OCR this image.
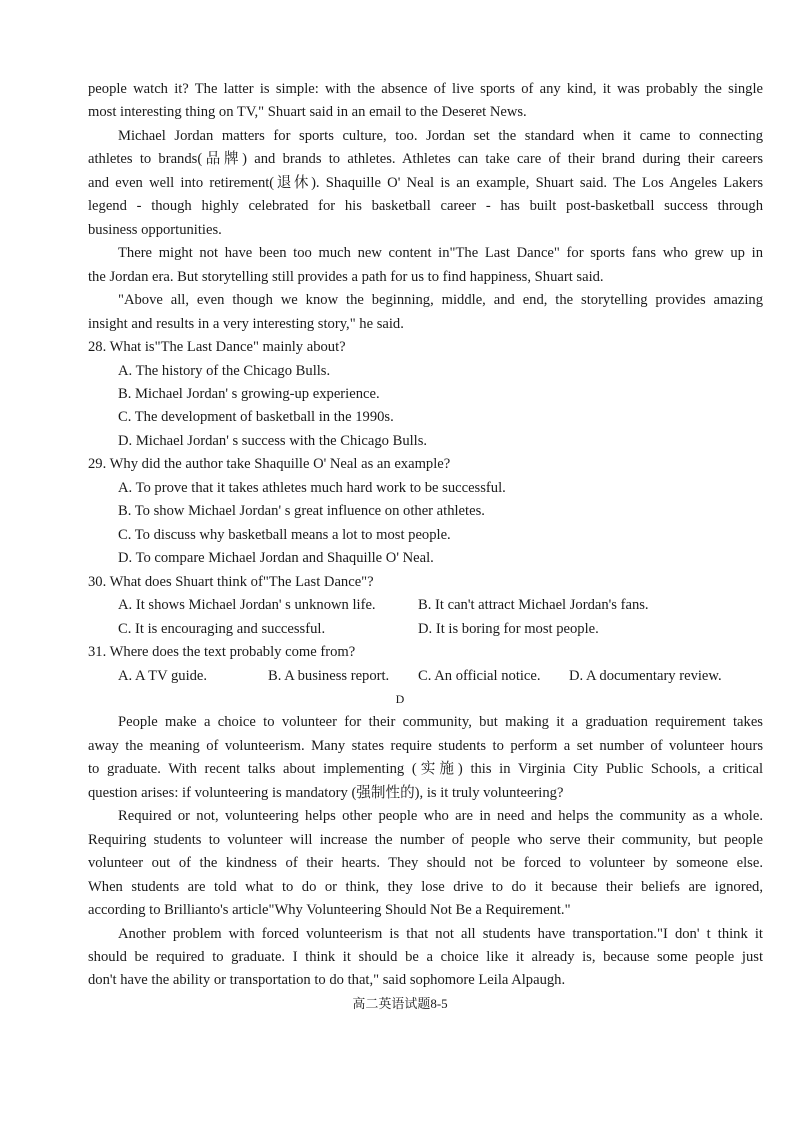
people watch it? The latter is simple: with the absence of live sports of any kind, it was probably the single
most interesting thing on TV," Shuart said in an email to the Deseret News.
Michael Jordan matters for sports culture, too. Jordan set the standard when it came to connecting
athletes to brands(品牌) and brands to athletes. Athletes can take care of their brand during their careers
and even well into retirement(退休). Shaquille O' Neal is an example, Shuart said. The Los Angeles Lakers
legend - though highly celebrated for his basketball career - has built post-basketball success through
business opportunities.
There might not have been too much new content in"The Last Dance" for sports fans who grew up in
the Jordan era. But storytelling still provides a path for us to find happiness, Shuart said.
"Above all, even though we know the beginning, middle, and end, the storytelling provides amazing
insight and results in a very interesting story," he said.
28. What is"The Last Dance" mainly about?
A. The history of the Chicago Bulls.
B. Michael Jordan' s growing-up experience.
C. The development of basketball in the 1990s.
D. Michael Jordan' s success with the Chicago Bulls.
29. Why did the author take Shaquille O' Neal as an example?
A. To prove that it takes athletes much hard work to be successful.
B. To show Michael Jordan' s great influence on other athletes.
C. To discuss why basketball means a lot to most people.
D. To compare Michael Jordan and Shaquille O' Neal.
30. What does Shuart think of"The Last Dance"?
A. It shows Michael Jordan' s unknown life.	B. It can't attract Michael Jordan's fans.
C. It is encouraging and successful.	D. It is boring for most people.
31. Where does the text probably come from?
A. A TV guide.	B. A business report. C. An official notice. D. A documentary review.
D
People make a choice to volunteer for their community, but making it a graduation requirement takes
away the meaning of volunteerism. Many states require students to perform a set number of volunteer hours
to graduate. With recent talks about implementing (实施) this in Virginia City Public Schools, a critical
question arises: if volunteering is mandatory (强制性的), is it truly volunteering?
Required or not, volunteering helps other people who are in need and helps the community as a whole.
Requiring students to volunteer will increase the number of people who serve their community, but people
volunteer out of the kindness of their hearts. They should not be forced to volunteer by someone else.
When students are told what to do or think, they lose drive to do it because their beliefs are ignored,
according to Brillianto's article"Why Volunteering Should Not Be a Requirement."
Another problem with forced volunteerism is that not all students have transportation."I don' t think it
should be required to graduate. I think it should be a choice like it already is, because some people just
don't have the ability or transportation to do that," said sophomore Leila Alpaugh.
高二英语试题8-5
